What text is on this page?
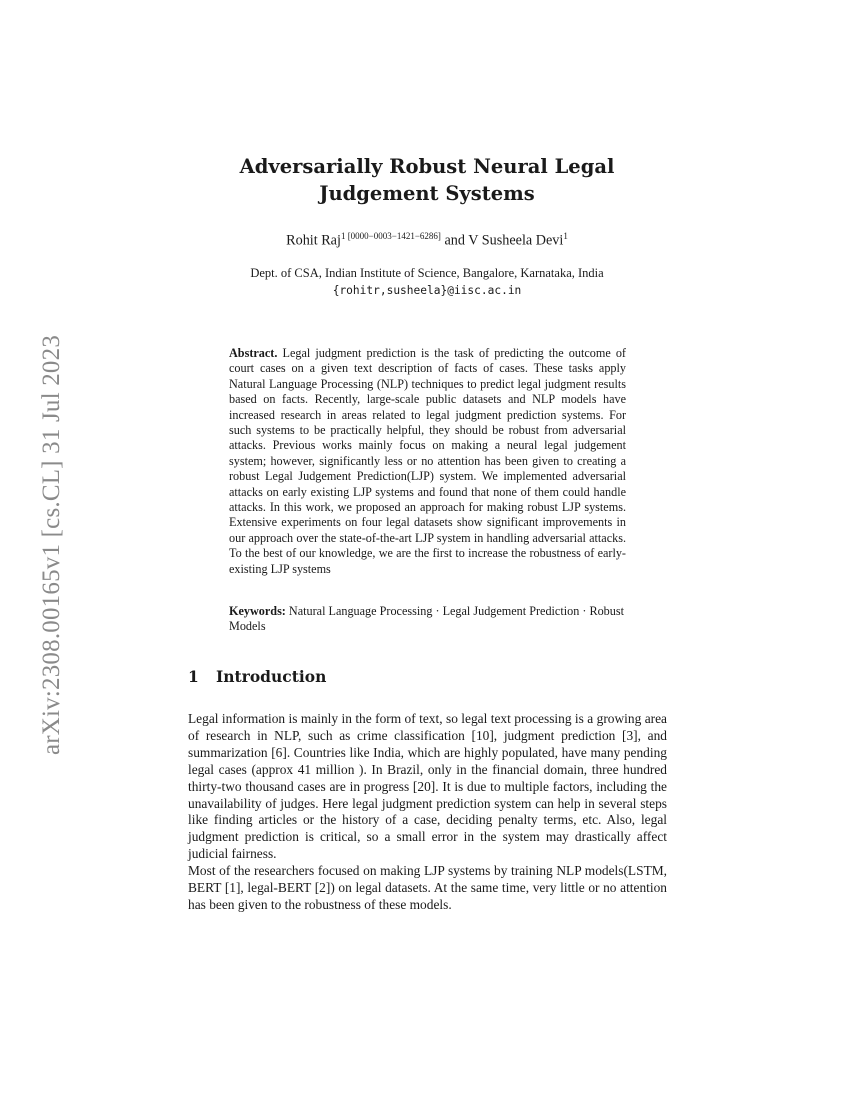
arXiv:2308.00165v1 [cs.CL] 31 Jul 2023
Adversarially Robust Neural Legal Judgement Systems
Rohit Raj$^{1 [0000-0003-1421-6286]}$ and V Susheela Devi$^1$
Dept. of CSA, Indian Institute of Science, Bangalore, Karnataka, India
{rohitr,susheela}@iisc.ac.in
Abstract. Legal judgment prediction is the task of predicting the outcome of court cases on a given text description of facts of cases. These tasks apply Natural Language Processing (NLP) techniques to predict legal judgment results based on facts. Recently, large-scale public datasets and NLP models have increased research in areas related to legal judgment prediction systems. For such systems to be practically helpful, they should be robust from adversarial attacks. Previous works mainly focus on making a neural legal judgement system; however, significantly less or no attention has been given to creating a robust Legal Judgement Prediction(LJP) system. We implemented adversarial attacks on early existing LJP systems and found that none of them could handle attacks. In this work, we proposed an approach for making robust LJP systems. Extensive experiments on four legal datasets show significant improvements in our approach over the state-of-the-art LJP system in handling adversarial attacks. To the best of our knowledge, we are the first to increase the robustness of early-existing LJP systems
Keywords: Natural Language Processing · Legal Judgement Prediction · Robust Models
1 Introduction

Legal information is mainly in the form of text, so legal text processing is a growing area of research in NLP, such as crime classification [10], judgment prediction [3], and summarization [6]. Countries like India, which are highly populated, have many pending legal cases (approx 41 million ). In Brazil, only in the financial domain, three hundred thirty-two thousand cases are in progress [20]. It is due to multiple factors, including the unavailability of judges. Here legal judgment prediction system can help in several steps like finding articles or the history of a case, deciding penalty terms, etc. Also, legal judgment prediction is critical, so a small error in the system may drastically affect judicial fairness.

Most of the researchers focused on making LJP systems by training NLP models(LSTM, BERT [1], legal-BERT [2]) on legal datasets. At the same time, very little or no attention has been given to the robustness of these models.
